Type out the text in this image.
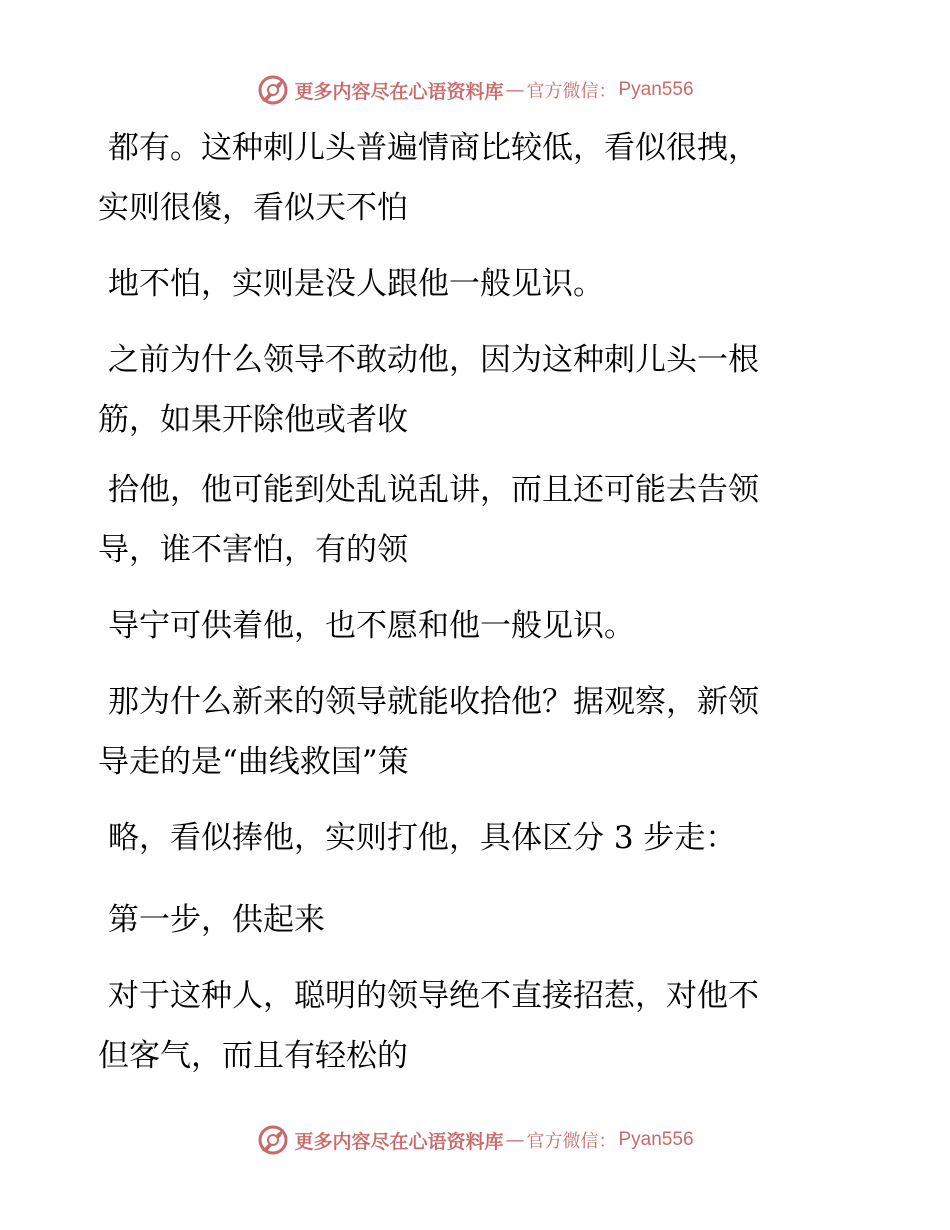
更多内容尽在心语资料库 — 官方微信： Pyan556
都有。这种刺儿头普遍情商比较低，看似很拽，
实则很傻，看似天不怕
地不怕，实则是没人跟他一般见识。
之前为什么领导不敢动他，因为这种刺儿头一根
筋，如果开除他或者收
拾他，他可能到处乱说乱讲，而且还可能去告领
导，谁不害怕，有的领
导宁可供着他，也不愿和他一般见识。
那为什么新来的领导就能收拾他？据观察，新领
导走的是“曲线救国”策
略，看似捧他，实则打他，具体区分 3 步走：
第一步，供起来
对于这种人，聪明的领导绝不直接招惹，对他不
但客气，而且有轻松的
更多内容尽在心语资料库 — 官方微信： Pyan556
